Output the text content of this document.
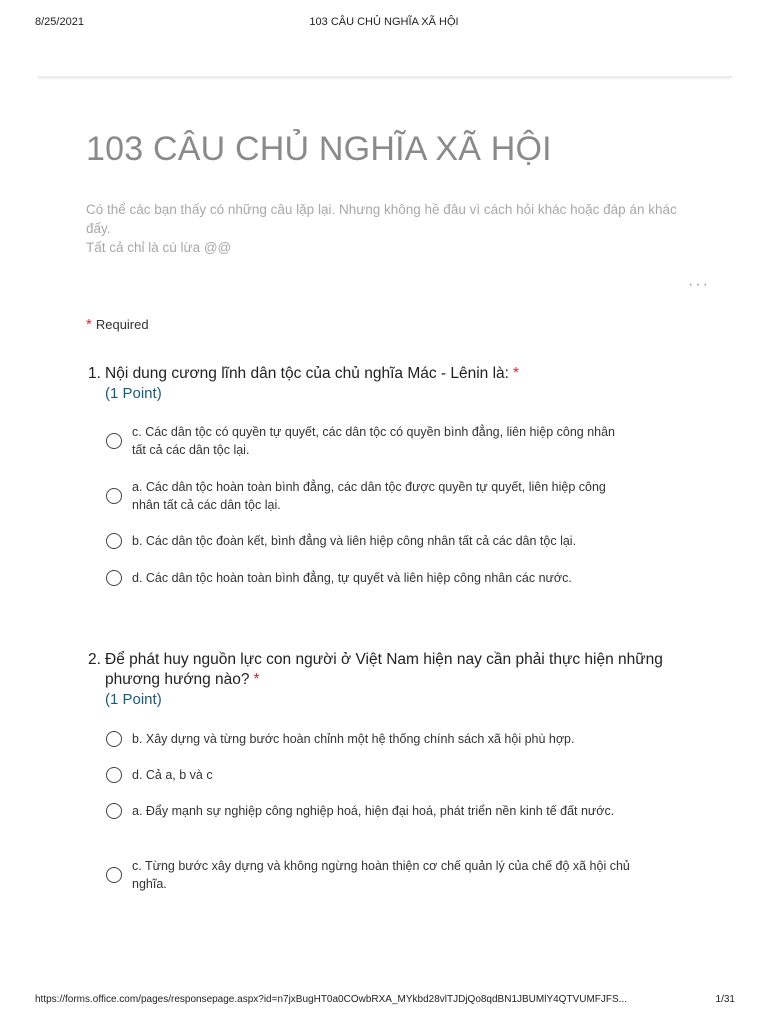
8/25/2021	103 CÂU CHỦ NGHĨA XÃ HỘI
103 CÂU CHỦ NGHĨA XÃ HỘI
Có thể các bạn thấy có những câu lặp lại. Nhưng không hề đâu vì cách hỏi khác hoặc đáp án khác đấy.
Tất cả chỉ là cú lừa @@
···
* Required
1. Nội dung cương lĩnh dân tộc của chủ nghĩa Mác - Lênin là: *
(1 Point)
c. Các dân tộc có quyền tự quyết, các dân tộc có quyền bình đẳng, liên hiệp công nhân tất cả các dân tộc lại.
a. Các dân tộc hoàn toàn bình đẳng, các dân tộc được quyền tự quyết, liên hiệp công nhân tất cả các dân tộc lại.
b. Các dân tộc đoàn kết, bình đẳng và liên hiệp công nhân tất cả các dân tộc lại.
d. Các dân tộc hoàn toàn bình đẳng, tự quyết và liên hiệp công nhân các nước.
2. Để phát huy nguồn lực con người ở Việt Nam hiện nay cần phải thực hiện những phương hướng nào? *
(1 Point)
b. Xây dựng và từng bước hoàn chỉnh một hệ thống chính sách xã hội phù hợp.
d. Cả a, b và c
a. Đẩy mạnh sự nghiệp công nghiệp hoá, hiện đại hoá, phát triển nền kinh tế đất nước.
c. Từng bước xây dựng và không ngừng hoàn thiện cơ chế quản lý của chế độ xã hội chủ nghĩa.
https://forms.office.com/pages/responsepage.aspx?id=n7jxBugHT0a0COwbRXA_MYkbd28vlTJDjQo8qdBN1JBUMlY4QTVUMFJFS...	1/31
